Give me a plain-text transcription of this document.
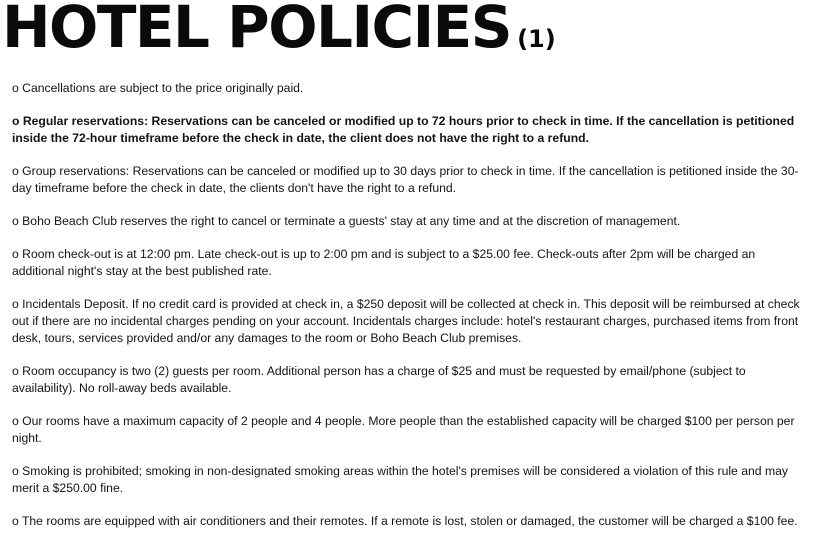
HOTEL POLICIES (1)

o Cancellations are subject to the price originally paid.

o Regular reservations: Reservations can be canceled or modified up to 72 hours prior to check in time. If the cancellation is petitioned inside the 72-hour timeframe before the check in date, the client does not have the right to a refund.

o Group reservations: Reservations can be canceled or modified up to 30 days prior to check in time. If the cancellation is petitioned inside the 30-day timeframe before the check in date, the clients don't have the right to a refund.

o Boho Beach Club reserves the right to cancel or terminate a guests' stay at any time and at the discretion of management.

o Room check-out is at 12:00 pm. Late check-out is up to 2:00 pm and is subject to a $25.00 fee. Check-outs after 2pm will be charged an additional night's stay at the best published rate.

o Incidentals Deposit. If no credit card is provided at check in, a $250 deposit will be collected at check in. This deposit will be reimbursed at check out if there are no incidental charges pending on your account. Incidentals charges include: hotel's restaurant charges, purchased items from front desk, tours, services provided and/or any damages to the room or Boho Beach Club premises.

o Room occupancy is two (2) guests per room. Additional person has a charge of $25 and must be requested by email/phone (subject to availability). No roll-away beds available.

o Our rooms have a maximum capacity of 2 people and 4 people. More people than the established capacity will be charged $100 per person per night.

o Smoking is prohibited; smoking in non-designated smoking areas within the hotel's premises will be considered a violation of this rule and may merit a $250.00 fine.

o The rooms are equipped with air conditioners and their remotes. If a remote is lost, stolen or damaged, the customer will be charged a $100 fee.
